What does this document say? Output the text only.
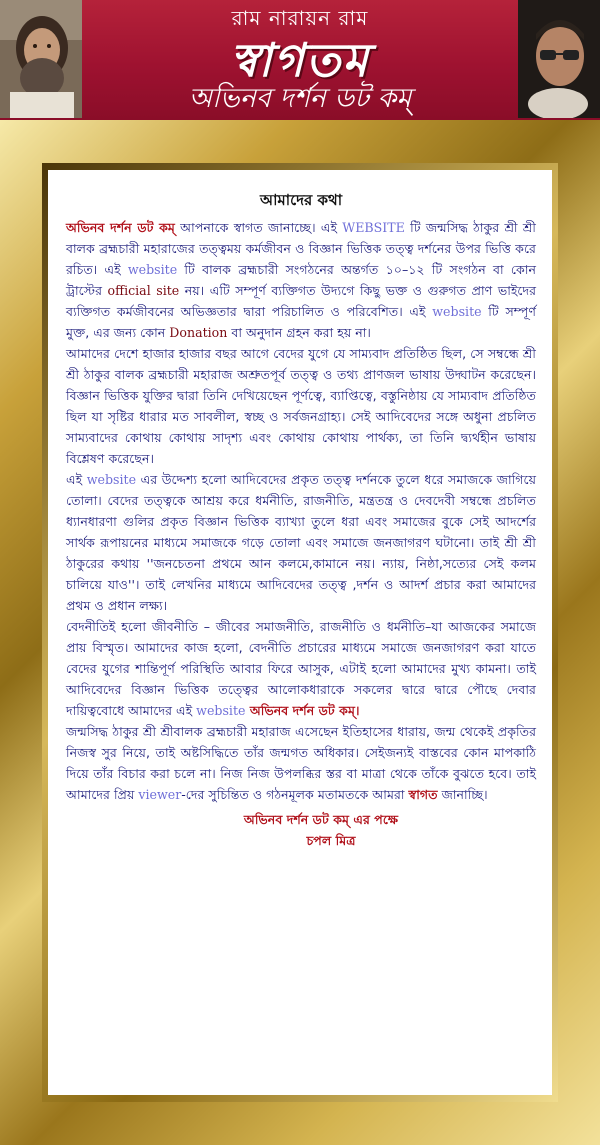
রাম নারায়ন রাম
স্বাগতম
অভিনব দর্শন ডট কম্
আমাদের কথা

অভিনব দর্শন ডট কম্ আপনাকে স্বাগত জানাচ্ছে। এই WEBSITE টি জন্মসিদ্ধ ঠাকুর শ্রী শ্রী বালক ব্রহ্মচারী মহারাজের তত্ত্বময় কর্মজীবন ও বিজ্ঞান ভিত্তিক তত্ত্ব দর্শনের উপর ভিত্তি করে রচিত। এই website টি বালক ব্রহ্মচারী সংগঠনের অন্তর্গত ১০–১২ টি সংগঠন বা কোন ট্রাস্টের official site নয়। এটি সম্পূর্ণ ব্যক্তিগত উদ্যগে কিছু ভক্ত ও গুরুগত প্রাণ ভাইদের ব্যক্তিগত কর্মজীবনের অভিজ্ঞতার দ্বারা পরিচালিত ও পরিবেশিত। এই website টি সম্পূর্ণ মুক্ত, এর জন্য কোন Donation বা অনুদান গ্রহন করা হয় না।

আমাদের দেশে হাজার হাজার বছর আগে বেদের যুগে যে সাম্যবাদ প্রতিষ্ঠিত ছিল, সে সম্বন্ধে শ্রী শ্রী ঠাকুর বালক ব্রহ্মচারী মহারাজ অশ্রুতপূর্ব তত্ত্ব ও তথ্য প্রাণজল ভাষায় উদ্ঘাটন করেছেন। বিজ্ঞান ভিত্তিক যুক্তির দ্বারা তিনি দেখিয়েছেন পূর্ণত্বে, ব্যাপ্তিত্বে, বস্তুনিষ্ঠায় যে সাম্যবাদ প্রতিষ্ঠিত ছিল যা সৃষ্টির ধারার মত সাবলীল, স্বচ্ছ ও সর্বজনগ্রাহ্য। সেই আদিবেদের সঙ্গে অধুনা প্রচলিত সাম্যবাদের কোথায় কোথায় সাদৃশ্য এবং কোথায় কোথায় পার্থক্য, তা তিনি দ্ব্যর্থহীন ভাষায় বিশ্লেষণ করেছেন।

এই website এর উদ্দেশ্য হলো আদিবেদের প্রকৃত তত্ত্ব দর্শনকে তুলে ধরে সমাজকে জাগিয়ে তোলা। বেদের তত্ত্বকে আশ্রয় করে ধর্মনীতি, রাজনীতি, মন্ত্রতন্ত্র ও দেবদেবী সম্বন্ধে প্রচলিত ধ্যানধারণা গুলির প্রকৃত বিজ্ঞান ভিত্তিক ব্যাখ্যা তুলে ধরা এবং সমাজের বুকে সেই আদর্শের সার্থক রূপায়নের মাধ্যমে সমাজকে গড়ে তোলা এবং সমাজে জনজাগরণ ঘটানো। তাই শ্রী শ্রী ঠাকুরের কথায় ''জনচেতনা প্রথমে আন কলমে,কামানে নয়। ন্যায়, নিষ্ঠা,সত্যের সেই কলম চালিয়ে যাও''। তাই লেখনির মাধ্যমে আদিবেদের তত্ত্ব ,দর্শন ও আদর্শ প্রচার করা আমাদের প্রথম ও প্রধান লক্ষ্য।

বেদনীতিই হলো জীবনীতি – জীবের সমাজনীতি, রাজনীতি ও ধর্মনীতি–যা আজকের সমাজে প্রায় বিস্মৃত। আমাদের কাজ হলো, বেদনীতি প্রচারের মাধ্যমে সমাজে জনজাগরণ করা যাতে বেদের যুগের শান্তিপূর্ণ পরিস্থিতি আবার ফিরে আসুক, এটাই হলো আমাদের মুখ্য কামনা। তাই আদিবেদের বিজ্ঞান ভিত্তিক তত্ত্বের আলোকধারাকে সকলের দ্বারে দ্বারে পৌছে দেবার দায়িত্ববোধে আমাদের এই website অভিনব দর্শন ডট কম্।

জন্মসিদ্ধ ঠাকুর শ্রী শ্রীবালক ব্রহ্মচারী মহারাজ এসেছেন ইতিহাসের ধারায়, জন্ম থেকেই প্রকৃতির নিজস্ব সুর নিয়ে, তাই অষ্টসিদ্ধিতে তাঁর জন্মগত অধিকার। সেইজন্যই বাস্তবের কোন মাপকাঠি দিয়ে তাঁর বিচার করা চলে না। নিজ নিজ উপলব্ধির স্তর বা মাত্রা থেকে তাঁকে বুঝতে হবে। তাই আমাদের প্রিয় viewer-দের সুচিন্তিত ও গঠনমূলক মতামতকে আমরা স্বাগত জানাচ্ছি।

অভিনব দর্শন ডট কম্ এর পক্ষে
চপল মিত্র
